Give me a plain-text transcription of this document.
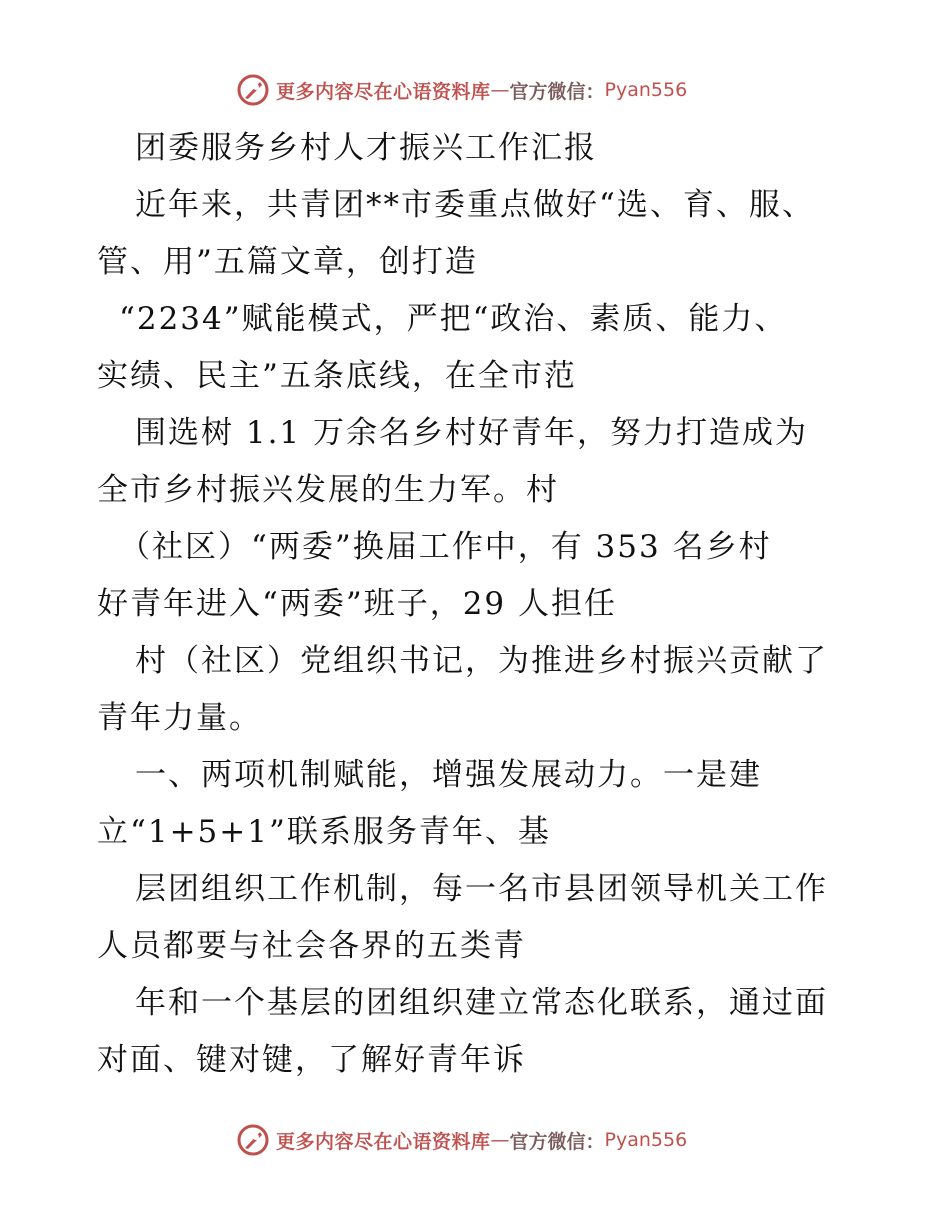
更多内容尽在心语资料库 — 官方微信： Pyan556
团委服务乡村人才振兴工作汇报
近年来，共青团**市委重点做好“选、育、服、
管、用”五篇文章，创打造
“2234”赋能模式，严把“政治、素质、能力、
实绩、民主”五条底线，在全市范
围选树 1.1 万余名乡村好青年，努力打造成为
全市乡村振兴发展的生力军。村
（社区）“两委”换届工作中，有 353 名乡村
好青年进入“两委”班子，29 人担任
村（社区）党组织书记，为推进乡村振兴贡献了
青年力量。
一、两项机制赋能，增强发展动力。一是建
立“1+5+1”联系服务青年、基
层团组织工作机制，每一名市县团领导机关工作
人员都要与社会各界的五类青
年和一个基层的团组织建立常态化联系，通过面
对面、键对键，了解好青年诉
更多内容尽在心语资料库 — 官方微信： Pyan556
